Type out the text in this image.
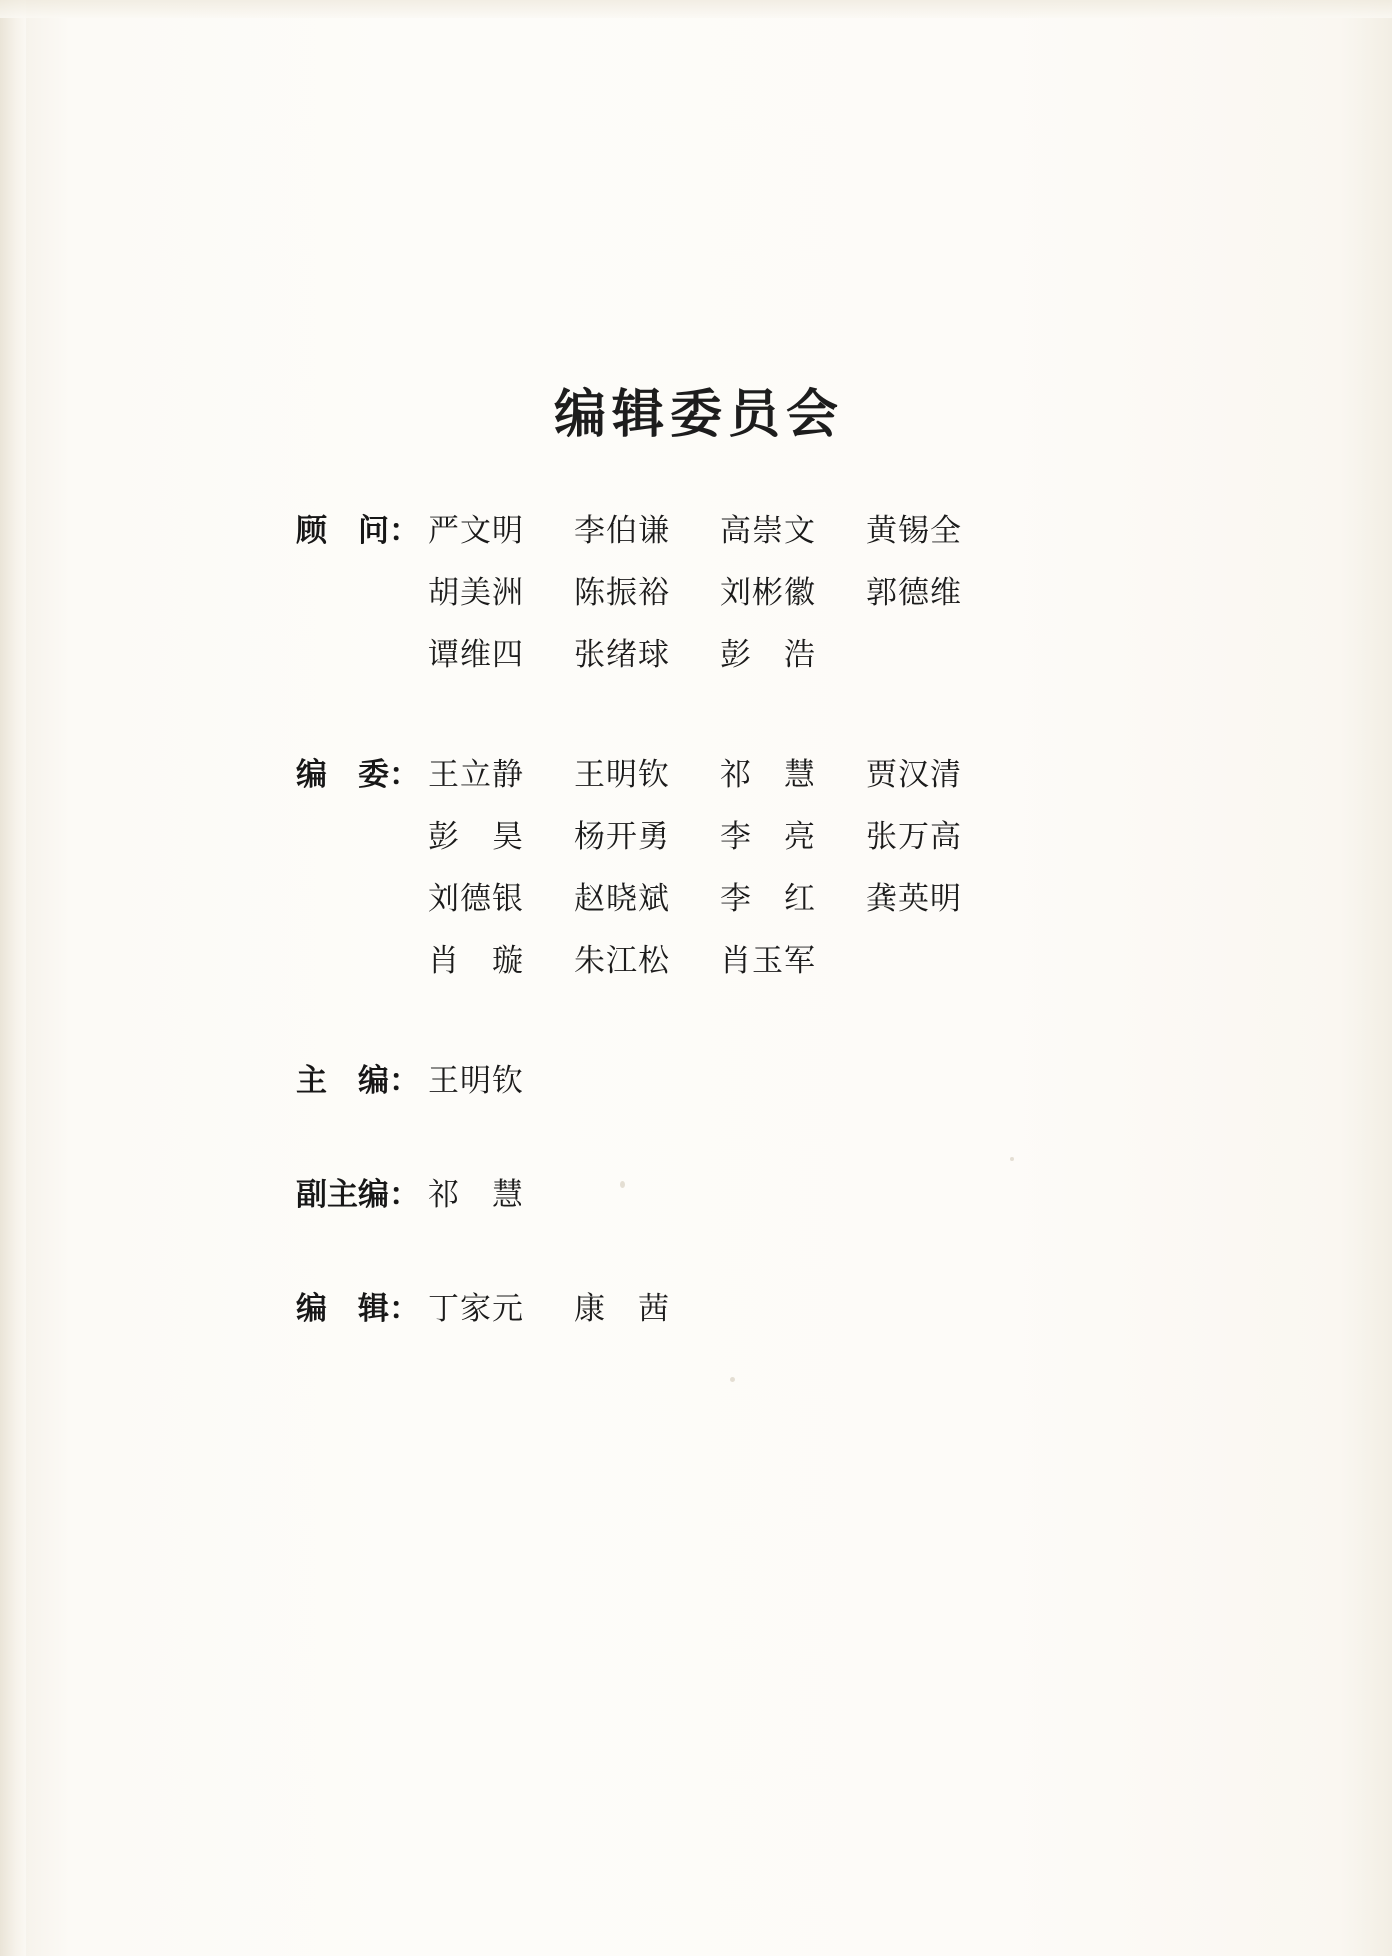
编辑委员会
顾　问： 严文明	李伯谦	高崇文	黄锡全
胡美洲	陈振裕	刘彬徽	郭德维
谭维四	张绪球	彭　浩
编　委： 王立静	王明钦	祁　慧	贾汉清
彭　昊	杨开勇	李　亮	张万高
刘德银	赵晓斌	李　红	龚英明
肖　璇	朱江松	肖玉军
主　编： 王明钦
副主编： 祁　慧
编　辑： 丁家元	康　茜
